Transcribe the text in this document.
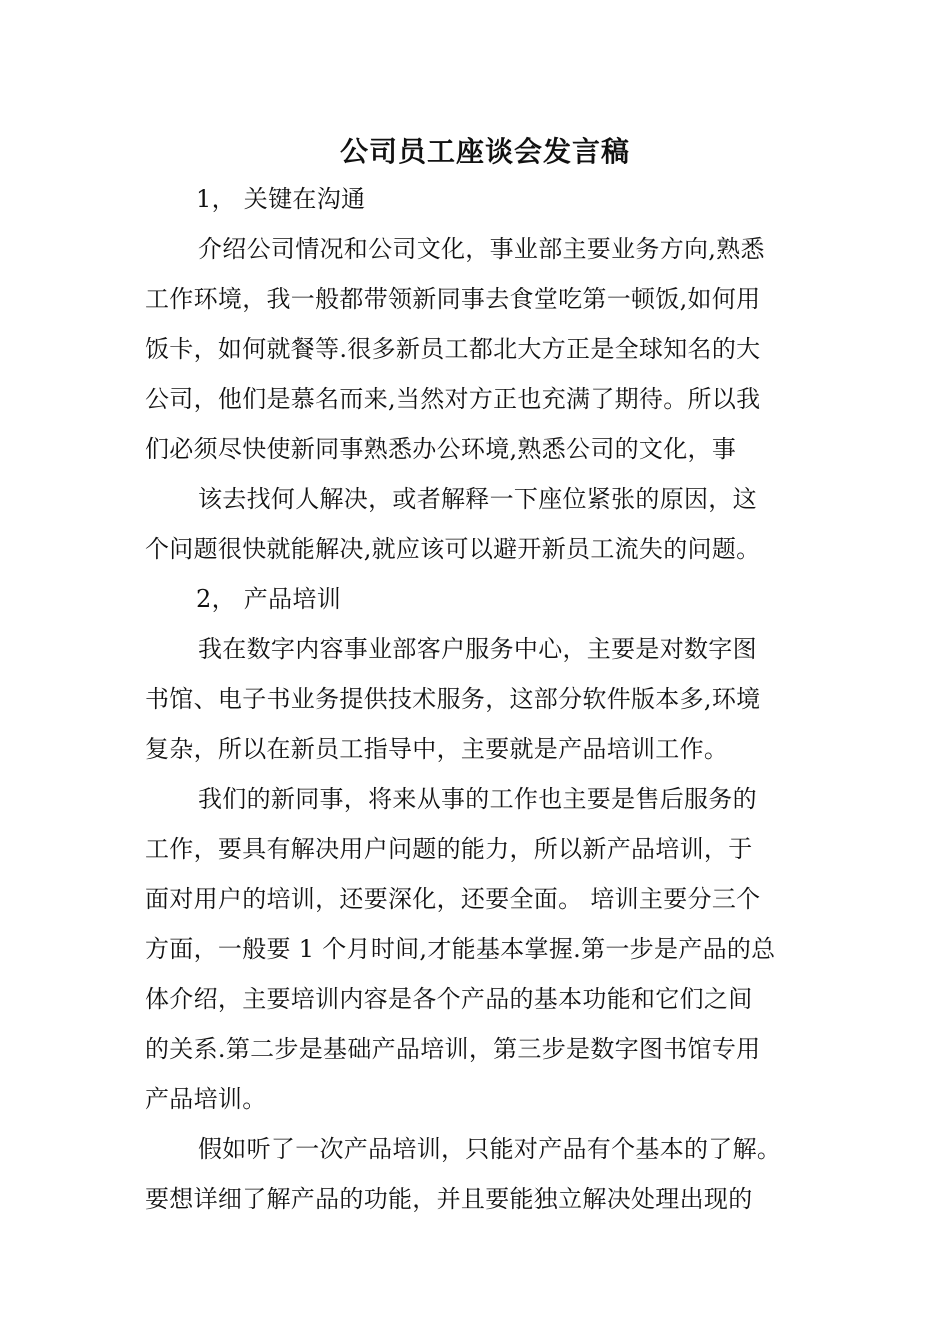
公司员工座谈会发言稿
1， 关键在沟通
介绍公司情况和公司文化，事业部主要业务方向,熟悉
工作环境，我一般都带领新同事去食堂吃第一顿饭,如何用
饭卡，如何就餐等.很多新员工都北大方正是全球知名的大
公司，他们是慕名而来,当然对方正也充满了期待。所以我
们必须尽快使新同事熟悉办公环境,熟悉公司的文化，事
该去找何人解决，或者解释一下座位紧张的原因，这
个问题很快就能解决,就应该可以避开新员工流失的问题。
2， 产品培训
我在数字内容事业部客户服务中心，主要是对数字图
书馆、电子书业务提供技术服务，这部分软件版本多,环境
复杂，所以在新员工指导中，主要就是产品培训工作。
我们的新同事，将来从事的工作也主要是售后服务的
工作，要具有解决用户问题的能力，所以新产品培训，于
面对用户的培训，还要深化，还要全面。 培训主要分三个
方面，一般要 1 个月时间,才能基本掌握.第一步是产品的总
体介绍，主要培训内容是各个产品的基本功能和它们之间
的关系.第二步是基础产品培训，第三步是数字图书馆专用
产品培训。
假如听了一次产品培训，只能对产品有个基本的了解。
要想详细了解产品的功能，并且要能独立解决处理出现的
